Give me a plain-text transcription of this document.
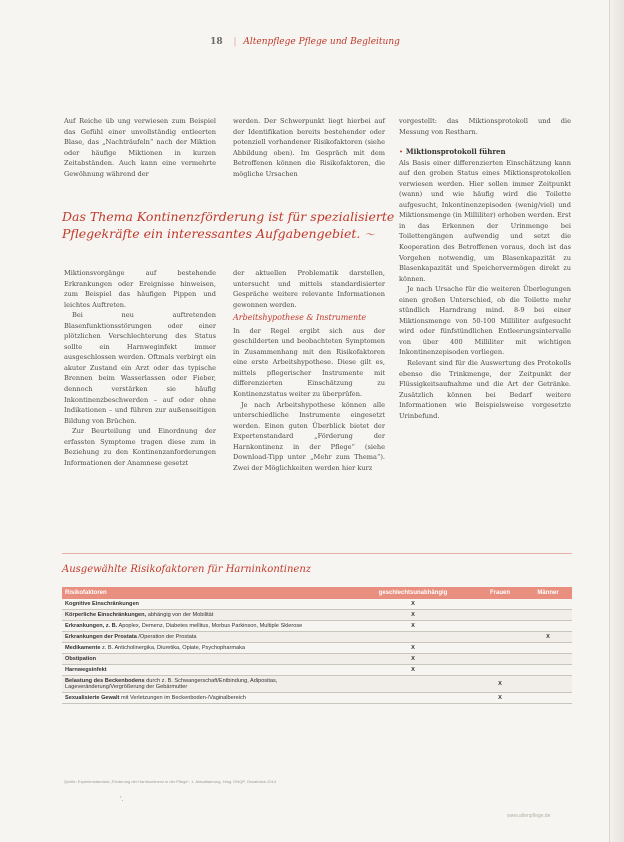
18 | Altenpflege Pflege und Begleitung

Auf Reiche üb ung verwiesen zum Beispiel das Gefühl einer unvollständig entleerten Blase, das „Nachträufeln“ nach der Miktion oder häufige Miktionen in kurzen Zeitabständen. Auch kann eine vermehrte Gewöhnung während der

werden. Der Schwerpunkt liegt hierbei auf der Identifikation bereits bestehender oder potenziell vorhandener Risikofaktoren (siehe Abbildung oben). Im Gespräch mit dem Betroffenen können die Risikofaktoren, die mögliche Ursachen

Das Thema Kontinenzförderung ist für spezialisierte Pflegekräfte ein interessantes Aufgabengebiet. 〜

Miktionsvorgänge auf bestehende Erkrankungen oder Ereignisse hinweisen, zum Beispiel das häufigen Pippen und leichtes Auftreten.

Bei neu auftretenden Blasenfunktionsstörungen oder einer plötzlichen Verschlechterung des Status sollte ein Harnweginfekt immer ausgeschlossen werden. Oftmals verbirgt ein akuter Zustand ein Arzt oder das typische Brennen beim Wasserlassen oder Fieber, dennoch verstärken sie häufig Inkontinenzbeschwerden – auf oder ohne Indikationen – und führen zur außenseitigen Bildung von Brüchen.

Zur Beurteilung und Einordnung der erfassten Symptome tragen diese zum in Beziehung zu den Kontinenzanforderungen Informationen der Anamnese gesetzt

der aktuellen Problematik darstellen, untersucht und mittels standardisierter Gespräche weitere relevante Informationen gewonnen werden.

Arbeitshypothese & Instrumente

In der Regel ergibt sich aus der geschilderten und beobachteten Symptomen in Zusammenhang mit den Risikofaktoren eine erste Arbeitshypothese. Diese gilt es, mittels pflegerischer Instrumente mit differenzierten Einschätzung zu Kontinenzstatus weiter zu überprüfen.

Je nach Arbeitshypothese können alle unterschiedliche Instrumente eingesetzt werden. Einen guten Überblick bietet der Expertenstandard „Förderung der Harnkontinenz in der Pflege“ (siehe Download-Tipp unter „Mehr zum Thema“). Zwei der Möglichkeiten werden hier kurz

vorgestellt: das Miktionsprotokoll und die Messung von Restharn.

• Miktionsprotokoll führen

Als Basis einer differenzierten Einschätzung kann auf den groben Status eines Miktionsprotokollen verwiesen werden. Hier sollen immer Zeitpunkt (wann) und wie häufig wird die Toilette aufgesucht, Inkontinenzepisoden (wenig/viel) und Miktionsmenge (in Milliliter) erhoben werden. Erst in das Erkennen der Urinmenge bei Toilettengängen aufwendig und setzt die Kooperation des Betroffenen voraus, doch ist das Vorgehen notwendig, um Blasenkapazität zu Blasenkapazität und Speichervermögen direkt zu können.

Je nach Ursache für die weiteren Überlegungen einen großen Unterschied, ob die Toilette mehr stündlich Harndrang mind. 8-9 bei einer Miktionsmenge von 50-100 Milliliter aufgesucht wird oder fünfstündlichen Entleerungsintervalle von über 400 Milliliter mit wichtigen Inkontinenzepisoden vorliegen.

Relevant sind für die Auswertung des Protokolls ebenso die Trinkmenge, der Zeitpunkt der Flüssigkeitsaufnahme und die Art der Getränke. Zusätzlich können bei Bedarf weitere Informationen wie Beispielsweise vorgesetzte Urinbefund.

Ausgewählte Risikofaktoren für Harninkontinenz
Risikofaktoren	geschlechtsunabhängig	Frauen	Männer
Kognitive Einschränkungen	X		
Körperliche Einschränkungen, abhängig von der Mobilität	X		
Erkrankungen, z. B. Apoplex, Demenz, Diabetes mellitus, Morbus Parkinson, Multiple Sklerose	X		
Erkrankungen der Prostata /Operation der Prostata			X
Medikamente z. B. Anticholinergika, Diuretika, Opiate, Psychopharmaka	X		
Obstipation	X		
Harnwegsinfekt	X		
Belastung des Beckenbodens durch z. B. Schwangerschaft/Entbindung, Adipositas, Lageveränderung/Vergrößerung der Gebärmutter		X	
Sexualisierte Gewalt mit Verletzungen im Beckenboden-/Vaginalbereich		X	
Quelle: Expertenstandard „Förderung der Harnkontinenz in der Pflege“, 1. Aktualisierung, Hrsg. DNQP, Osnabrück 2014
'.
www.altenpflege.de
